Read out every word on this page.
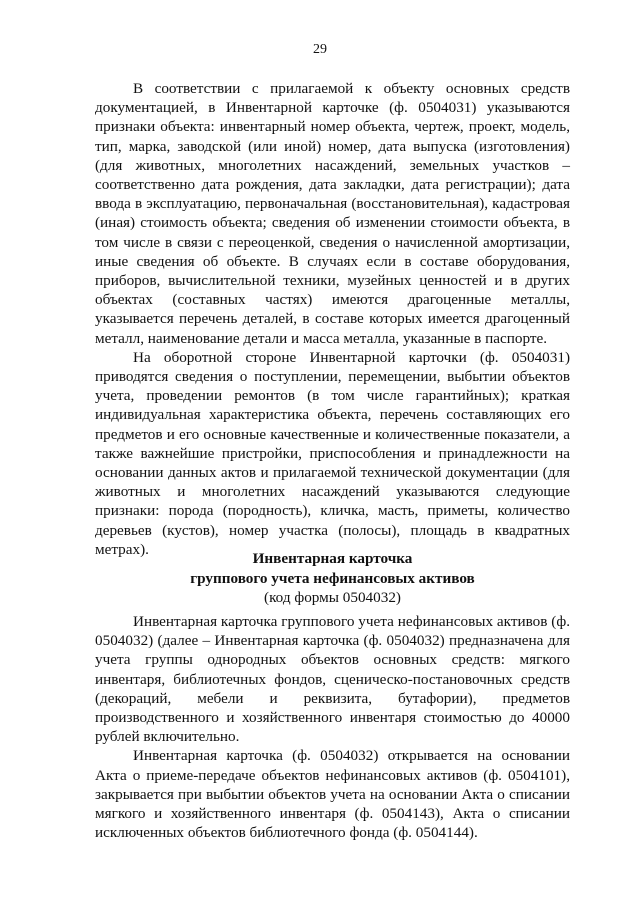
29

В соответствии с прилагаемой к объекту основных средств документацией, в Инвентарной карточке (ф. 0504031) указываются признаки объекта: инвентарный номер объекта, чертеж, проект, модель, тип, марка, заводской (или иной) номер, дата выпуска (изготовления) (для животных, многолетних насаждений, земельных участков – соответственно дата рождения, дата закладки, дата регистрации); дата ввода в эксплуатацию, первоначальная (восстановительная), кадастровая (иная) стоимость объекта; сведения об изменении стоимости объекта, в том числе в связи с переоценкой, сведения о начисленной амортизации, иные сведения об объекте. В случаях если в составе оборудования, приборов, вычислительной техники, музейных ценностей и в других объектах (составных частях) имеются драгоценные металлы, указывается перечень деталей, в составе которых имеется драгоценный металл, наименование детали и масса металла, указанные в паспорте.

На оборотной стороне Инвентарной карточки (ф. 0504031) приводятся сведения о поступлении, перемещении, выбытии объектов учета, проведении ремонтов (в том числе гарантийных); краткая индивидуальная характеристика объекта, перечень составляющих его предметов и его основные качественные и количественные показатели, а также важнейшие пристройки, приспособления и принадлежности на основании данных актов и прилагаемой технической документации (для животных и многолетних насаждений указываются следующие признаки: порода (породность), кличка, масть, приметы, количество деревьев (кустов), номер участка (полосы), площадь в квадратных метрах).

Инвентарная карточка
группового учета нефинансовых активов
(код формы 0504032)

Инвентарная карточка группового учета нефинансовых активов (ф. 0504032) (далее – Инвентарная карточка (ф. 0504032) предназначена для учета группы однородных объектов основных средств: мягкого инвентаря, библиотечных фондов, сценическо-постановочных средств (декораций, мебели и реквизита, бутафории), предметов производственного и хозяйственного инвентаря стоимостью до 40000 рублей включительно.

Инвентарная карточка (ф. 0504032) открывается на основании Акта о приеме-передаче объектов нефинансовых активов (ф. 0504101), закрывается при выбытии объектов учета на основании Акта о списании мягкого и хозяйственного инвентаря (ф. 0504143), Акта о списании исключенных объектов библиотечного фонда (ф. 0504144).
